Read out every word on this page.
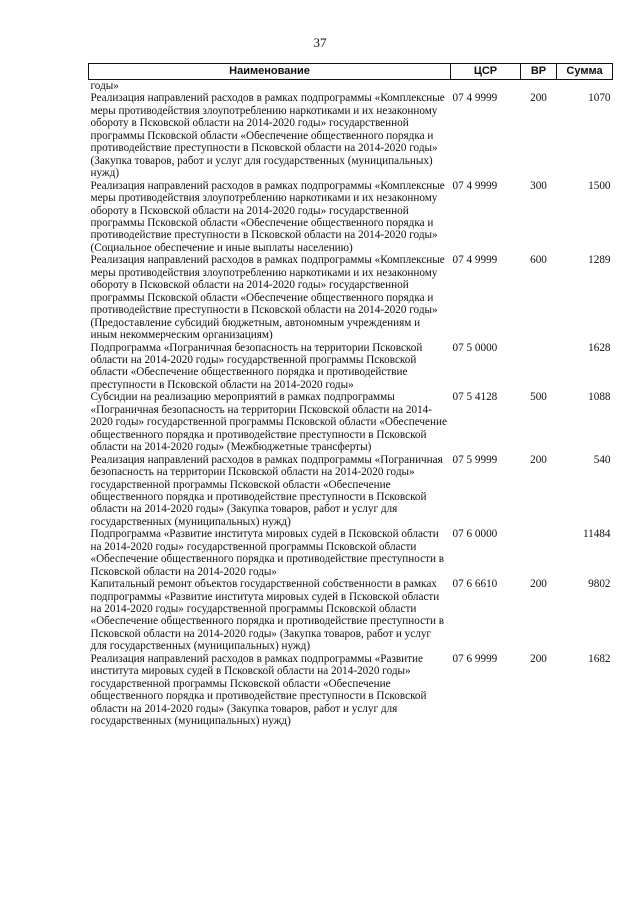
37
Наименование	ЦСР	ВР	Сумма
годы»			
Реализация направлений расходов в рамках подпрограммы «Комплексные меры противодействия злоупотреблению наркотиками и их незаконному обороту в Псковской области на 2014-2020 годы» государственной программы Псковской области «Обеспечение общественного порядка и противодействие преступности в Псковской области на 2014-2020 годы» (Закупка товаров, работ и услуг для государственных (муниципальных) нужд)	07 4 9999	200	1070
Реализация направлений расходов в рамках подпрограммы «Комплексные меры противодействия злоупотреблению наркотиками и их незаконному обороту в Псковской области на 2014-2020 годы» государственной программы Псковской области «Обеспечение общественного порядка и противодействие преступности в Псковской области на 2014-2020 годы» (Социальное обеспечение и иные выплаты населению)	07 4 9999	300	1500
Реализация направлений расходов в рамках подпрограммы «Комплексные меры противодействия злоупотреблению наркотиками и их незаконному обороту в Псковской области на 2014-2020 годы» государственной программы Псковской области «Обеспечение общественного порядка и противодействие преступности в Псковской области на 2014-2020 годы» (Предоставление субсидий бюджетным, автономным учреждениям и иным некоммерческим организациям)	07 4 9999	600	1289
Подпрограмма «Пограничная безопасность на территории Псковской области на 2014-2020 годы» государственной программы Псковской области «Обеспечение общественного порядка и противодействие преступности в Псковской области на 2014-2020 годы»	07 5 0000		1628
Субсидии на реализацию мероприятий в рамках подпрограммы «Пограничная безопасность на территории Псковской области на 2014-2020 годы» государственной программы Псковской области «Обеспечение общественного порядка и противодействие преступности в Псковской области на 2014-2020 годы» (Межбюджетные трансферты)	07 5 4128	500	1088
Реализация направлений расходов в рамках подпрограммы «Пограничная безопасность на территории Псковской области на 2014-2020 годы» государственной программы Псковской области «Обеспечение общественного порядка и противодействие преступности в Псковской области на 2014-2020 годы» (Закупка товаров, работ и услуг для государственных (муниципальных) нужд)	07 5 9999	200	540
Подпрограмма «Развитие института мировых судей в Псковской области на 2014-2020 годы» государственной программы Псковской области «Обеспечение общественного порядка и противодействие преступности в Псковской области на 2014-2020 годы»	07 6 0000		11484
Капитальный ремонт объектов государственной собственности в рамках подпрограммы «Развитие института мировых судей в Псковской области на 2014-2020 годы» государственной программы Псковской области «Обеспечение общественного порядка и противодействие преступности в Псковской области на 2014-2020 годы» (Закупка товаров, работ и услуг для государственных (муниципальных) нужд)	07 6 6610	200	9802
Реализация направлений расходов в рамках подпрограммы «Развитие института мировых судей в Псковской области на 2014-2020 годы» государственной программы Псковской области «Обеспечение общественного порядка и противодействие преступности в Псковской области на 2014-2020 годы» (Закупка товаров, работ и услуг для государственных (муниципальных) нужд)	07 6 9999	200	1682
